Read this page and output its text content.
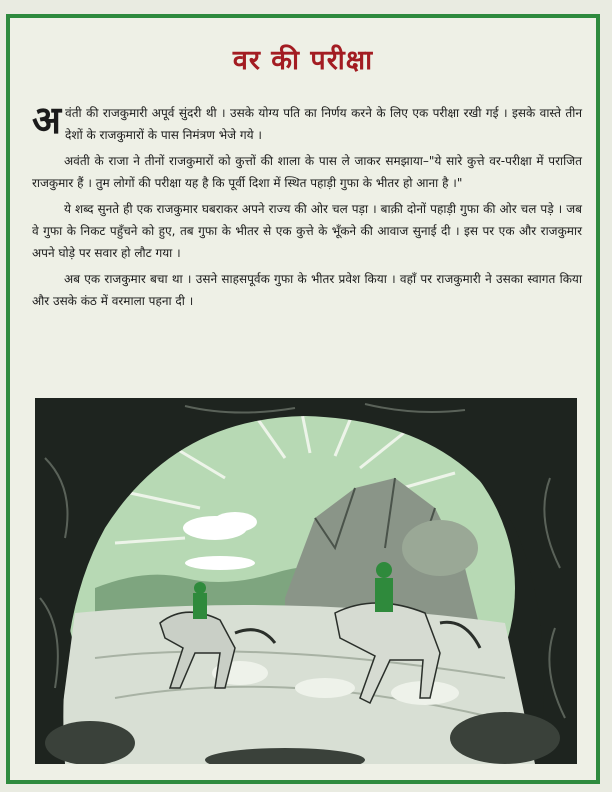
वर की परीक्षा

अ वंती की राजकुमारी अपूर्व सुंदरी थी । उसके योग्य पति का निर्णय करने के लिए एक परीक्षा रखी गई । इसके वास्ते तीन देशों के राजकुमारों के पास निमंत्रण भेजे गये ।

अवंती के राजा ने तीनों राजकुमारों को कुत्तों की शाला के पास ले जाकर समझाया–"ये सारे कुत्ते वर-परीक्षा में पराजित राजकुमार हैं । तुम लोगों की परीक्षा यह है कि पूर्वी दिशा में स्थित पहाड़ी गुफा के भीतर हो आना है ।"

ये शब्द सुनते ही एक राजकुमार घबराकर अपने राज्य की ओर चल पड़ा । बाक़ी दोनों पहाड़ी गुफा की ओर चल पड़े । जब वे गुफा के निकट पहुँचने को हुए, तब गुफा के भीतर से एक कुत्ते के भूँकने की आवाज सुनाई दी । इस पर एक और राजकुमार अपने घोड़े पर सवार हो लौट गया ।

अब एक राजकुमार बचा था । उसने साहसपूर्वक गुफा के भीतर प्रवेश किया । वहाँ पर राजकुमारी ने उसका स्वागत किया और उसके कंठ में वरमाला पहना दी ।
